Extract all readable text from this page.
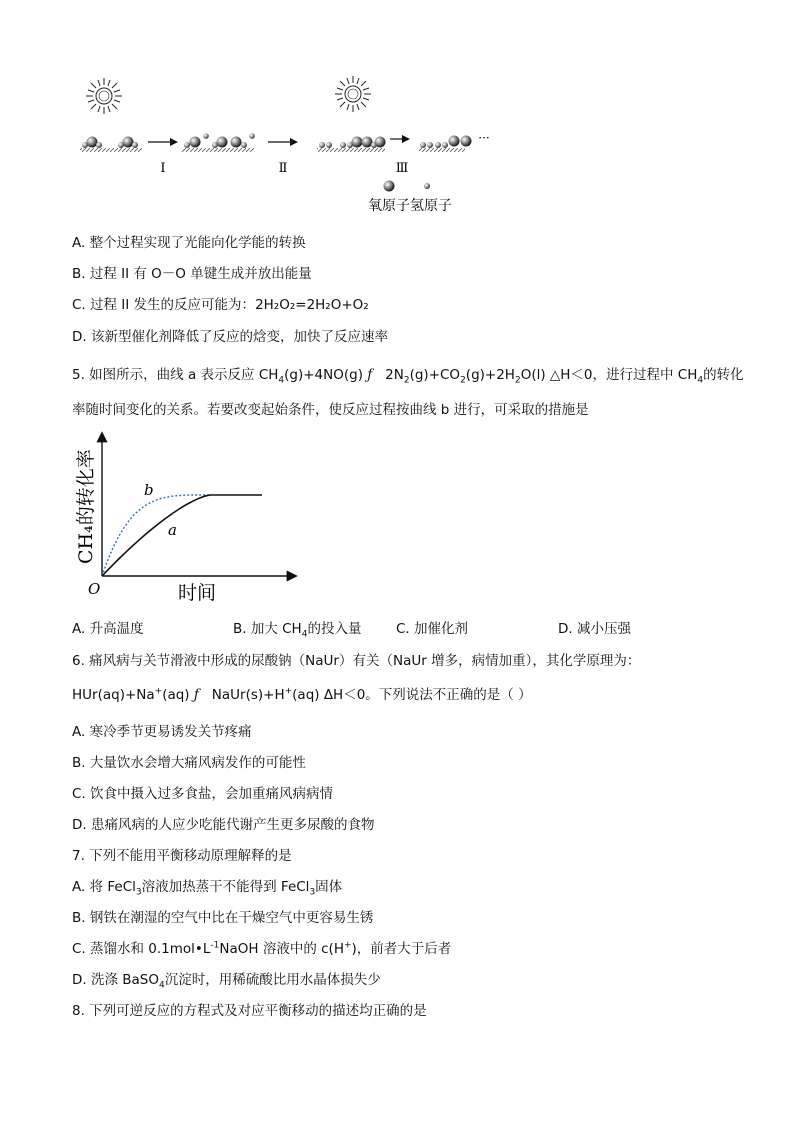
Ⅰ	Ⅱ	Ⅲ
···
氧原子 氢原子
A. 整个过程实现了光能向化学能的转换
B. 过程 II 有 O－O 单键生成并放出能量
C. 过程 II 发生的反应可能为：2H₂O₂=2H₂O+O₂
D. 该新型催化剂降低了反应的焓变，加快了反应速率
5. 如图所示，曲线 a 表示反应 $CH_4(g)+4NO(g)$ ƒ $2N_2(g)+CO_2(g)+2H_2O(l)$ △H＜0，进行过程中 $CH_4$的转化
率随时间变化的关系。若要改变起始条件，使反应过程按曲线 b 进行，可采取的措施是
a
b
O	时间
CH₄的转化率
A. 升高温度	B. 加大 $CH_4$的投入量	C. 加催化剂	D. 减小压强
6. 痛风病与关节滑液中形成的尿酸钠（NaUr）有关（NaUr 增多，病情加重），其化学原理为：
HUr(aq)+Na+(aq) ƒ NaUr(s)+H+(aq) ΔH＜0。下列说法不正确的是（ ）
A. 寒冷季节更易诱发关节疼痛
B. 大量饮水会增大痛风病发作的可能性
C. 饮食中摄入过多食盐，会加重痛风病病情
D. 患痛风病的人应少吃能代谢产生更多尿酸的食物
7. 下列不能用平衡移动原理解释的是
A. 将 FeCl$_3$溶液加热蒸干不能得到 FeCl$_3$固体
B. 钢铁在潮湿的空气中比在干燥空气中更容易生锈
C. 蒸馏水和 $0.1mol•L^{-1}NaOH$ 溶液中的 c(H+)，前者大于后者
D. 洗涤 BaSO$_4$沉淀时，用稀硫酸比用水晶体损失少
8. 下列可逆反应的方程式及对应平衡移动的描述均正确的是
